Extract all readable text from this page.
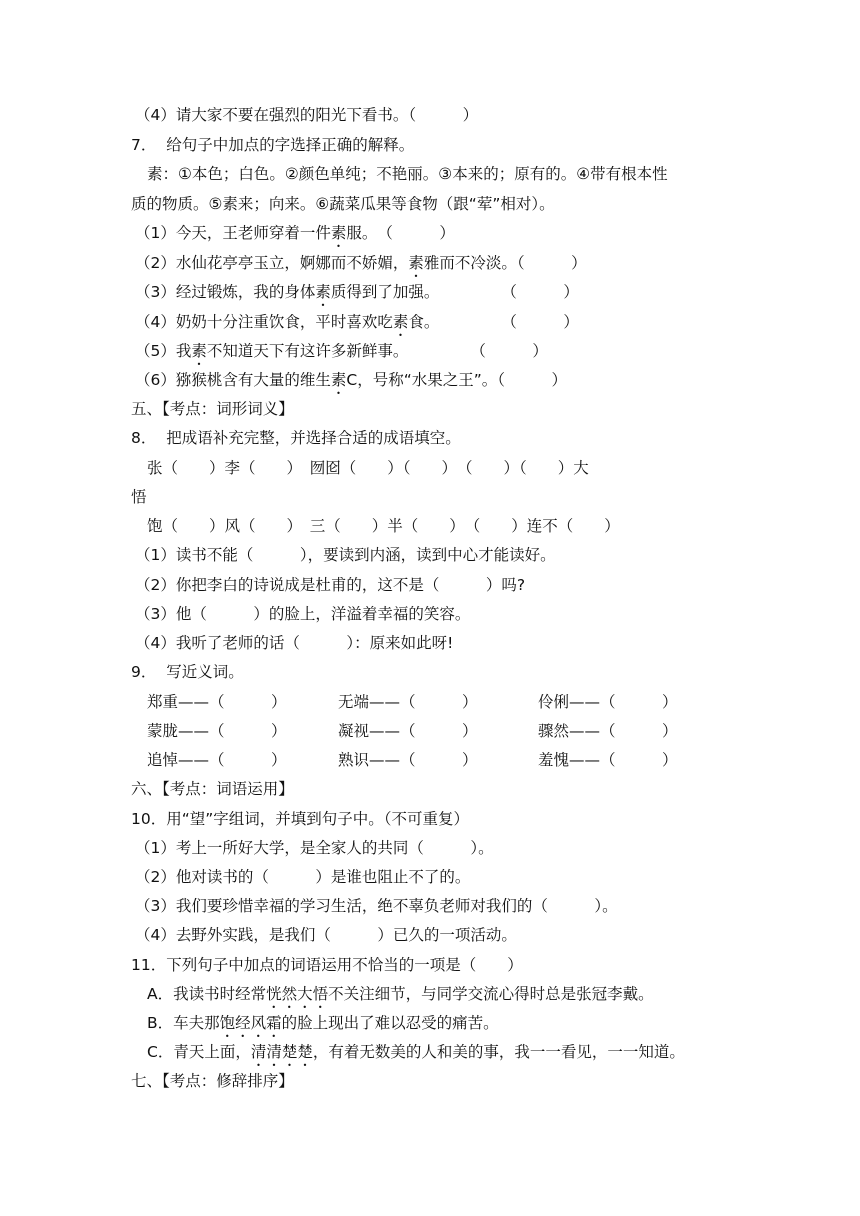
（4）请大家不要在强烈的阳光下看书。（　　　）
7．  给句子中加点的字选择正确的解释。
素：①本色；白色。②颜色单纯；不艳丽。③本来的；原有的。④带有根本性
质的物质。⑤素来；向来。⑥蔬菜瓜果等食物（跟“荤”相对）。
（1）今天，王老师穿着一件素服。　（　　　）
（2）水仙花亭亭玉立，婀娜而不娇媚，素雅而不冷淡。（　　　）
（3）经过锻炼，我的身体素质得到了加强。　　　　　（　　　）
（4）奶奶十分注重饮食，平时喜欢吃素食。　　　　　（　　　）
（5）我素不知道天下有这许多新鲜事。　　　　　（　　　）
（6）猕猴桃含有大量的维生素C，号称“水果之王”。（　　　）
五、【考点：词形词义】
8．  把成语补充完整，并选择合适的成语填空。
张（　　）李（　　）　囫囵（　　）（　　）　（　　）（　　）大
悟
饱（　　）风（　　）　三（　　）半（　　）　（　　）连不（　　）
（1）读书不能（　　　），要读到内涵，读到中心才能读好。
（2）你把李白的诗说成是杜甫的，这不是（　　　）吗?
（3）他（　　　）的脸上，洋溢着幸福的笑容。
（4）我听了老师的话（　　　）：原来如此呀!
9．  写近义词。
郑重——（　　　）	无端——（　　　）	伶俐——（　　　）
蒙胧——（　　　）	凝视——（　　　）	骤然——（　　　）
追悼——（　　　）	熟识——（　　　）	羞愧——（　　　）
六、【考点：词语运用】
10．用“望”字组词，并填到句子中。（不可重复）
（1）考上一所好大学，是全家人的共同（　　　）。
（2）他对读书的（　　　）是谁也阻止不了的。
（3）我们要珍惜幸福的学习生活，绝不辜负老师对我们的（　　　）。
（4）去野外实践，是我们（　　　）已久的一项活动。
11．下列句子中加点的词语运用不恰当的一项是（　　）
A．我读书时经常恍然大悟不关注细节，与同学交流心得时总是张冠李戴。
B．车夫那饱经风霜的脸上现出了难以忍受的痛苦。
C．青天上面，清清楚楚，有着无数美的人和美的事，我一一看见，一一知道。
七、【考点：修辞排序】
